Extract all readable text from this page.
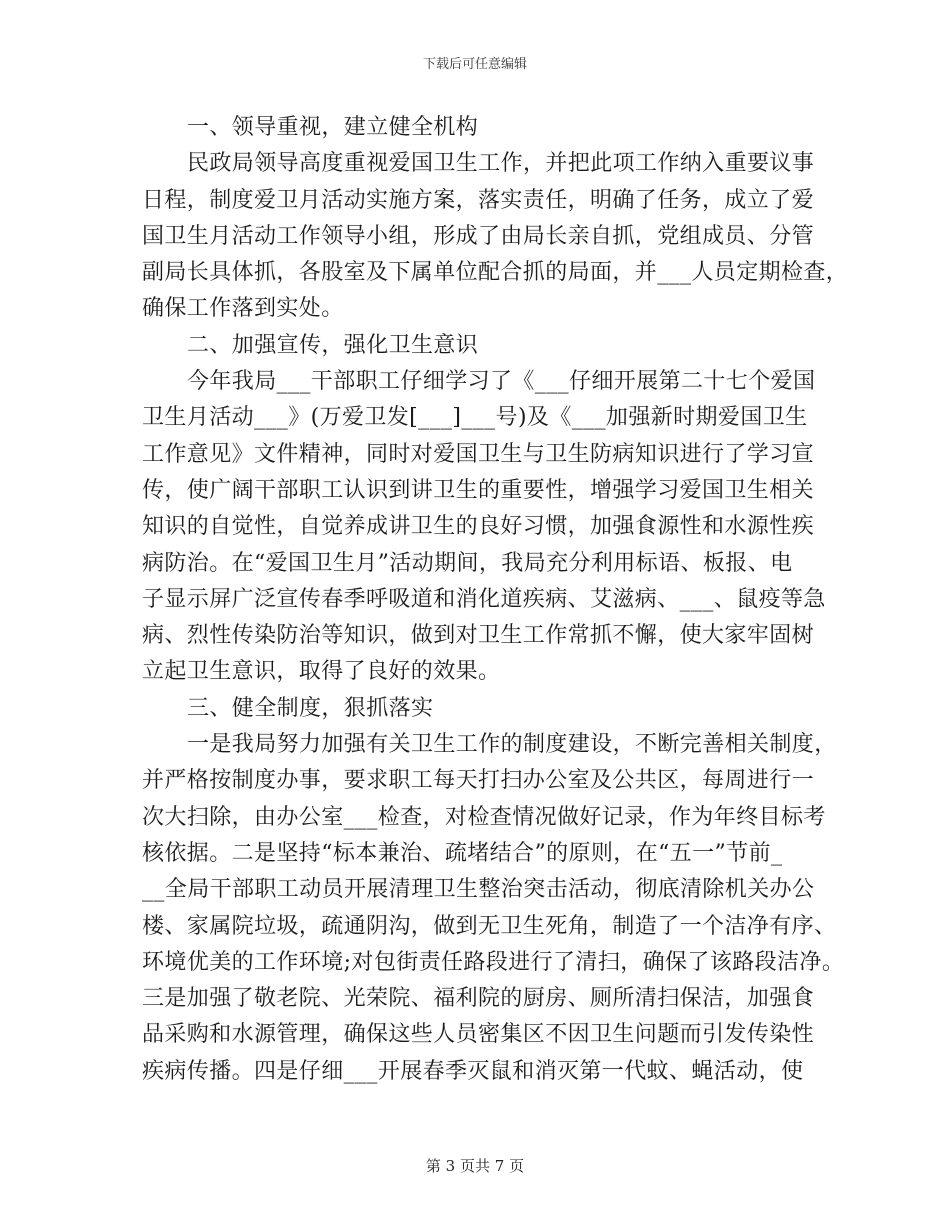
下载后可任意编辑
一、领导重视，建立健全机构
民政局领导高度重视爱国卫生工作，并把此项工作纳入重要议事
日程，制度爱卫月活动实施方案，落实责任，明确了任务，成立了爱
国卫生月活动工作领导小组，形成了由局长亲自抓，党组成员、分管
副局长具体抓，各股室及下属单位配合抓的局面，并___人员定期检查，
确保工作落到实处。
二、加强宣传，强化卫生意识
今年我局___干部职工仔细学习了《___仔细开展第二十七个爱国
卫生月活动___》(万爱卫发[___]___号)及《___加强新时期爱国卫生
工作意见》文件精神，同时对爱国卫生与卫生防病知识进行了学习宣
传，使广阔干部职工认识到讲卫生的重要性，增强学习爱国卫生相关
知识的自觉性，自觉养成讲卫生的良好习惯，加强食源性和水源性疾
病防治。在“爱国卫生月”活动期间，我局充分利用标语、板报、电
子显示屏广泛宣传春季呼吸道和消化道疾病、艾滋病、___、鼠疫等急
病、烈性传染防治等知识，做到对卫生工作常抓不懈，使大家牢固树
立起卫生意识，取得了良好的效果。
三、健全制度，狠抓落实
一是我局努力加强有关卫生工作的制度建设，不断完善相关制度，
并严格按制度办事，要求职工每天打扫办公室及公共区，每周进行一
次大扫除，由办公室___检查，对检查情况做好记录，作为年终目标考
核依据。二是坚持“标本兼治、疏堵结合”的原则，在“五一”节前_
__全局干部职工动员开展清理卫生整治突击活动，彻底清除机关办公
楼、家属院垃圾，疏通阴沟，做到无卫生死角，制造了一个洁净有序、
环境优美的工作环境;对包街责任路段进行了清扫，确保了该路段洁净。
三是加强了敬老院、光荣院、福利院的厨房、厕所清扫保洁，加强食
品采购和水源管理，确保这些人员密集区不因卫生问题而引发传染性
疾病传播。四是仔细___开展春季灭鼠和消灭第一代蚊、蝇活动，使
第 3 页共 7 页
